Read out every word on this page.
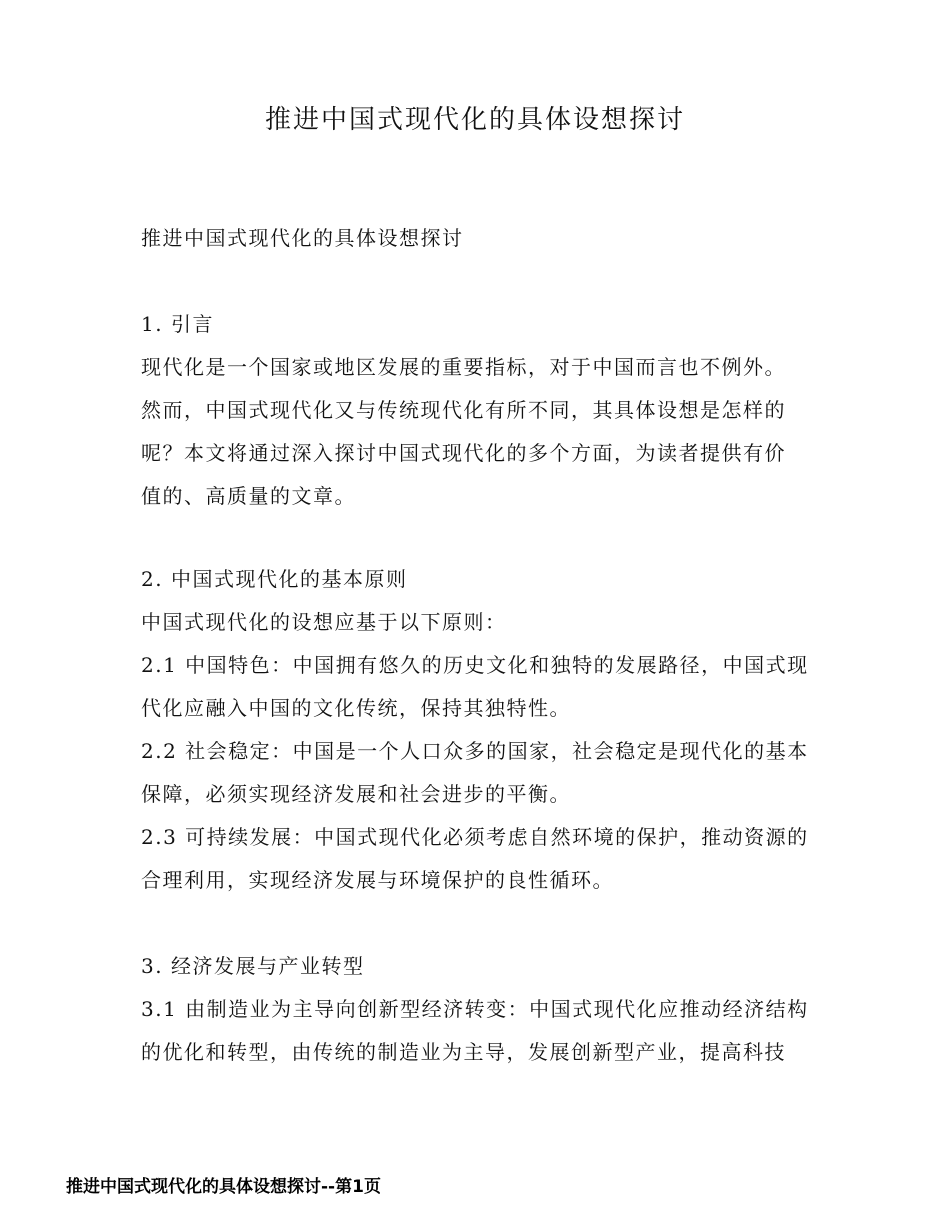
推进中国式现代化的具体设想探讨
推进中国式现代化的具体设想探讨
1. 引言
现代化是一个国家或地区发展的重要指标，对于中国而言也不例外。
然而，中国式现代化又与传统现代化有所不同，其具体设想是怎样的
呢？本文将通过深入探讨中国式现代化的多个方面，为读者提供有价
值的、高质量的文章。
2. 中国式现代化的基本原则
中国式现代化的设想应基于以下原则：
2.1 中国特色：中国拥有悠久的历史文化和独特的发展路径，中国式现
代化应融入中国的文化传统，保持其独特性。
2.2 社会稳定：中国是一个人口众多的国家，社会稳定是现代化的基本
保障，必须实现经济发展和社会进步的平衡。
2.3 可持续发展：中国式现代化必须考虑自然环境的保护，推动资源的
合理利用，实现经济发展与环境保护的良性循环。
3. 经济发展与产业转型
3.1 由制造业为主导向创新型经济转变：中国式现代化应推动经济结构
的优化和转型，由传统的制造业为主导，发展创新型产业，提高科技
推进中国式现代化的具体设想探讨--第1页
